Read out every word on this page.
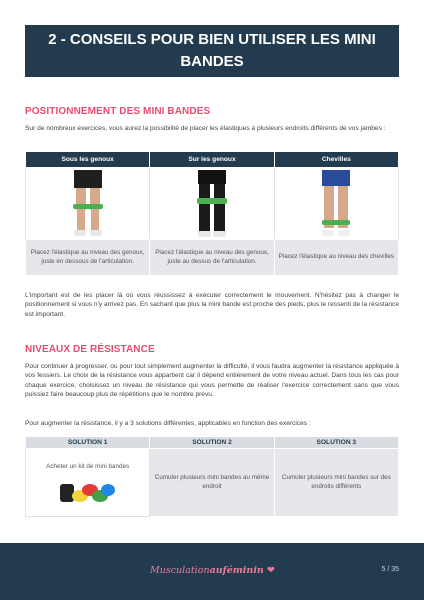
2 - CONSEILS POUR BIEN UTILISER LES MINI BANDES
POSITIONNEMENT DES MINI BANDES
Sur de nombreux exercices, vous aurez la possibilité de placer les élastiques à plusieurs endroits différents de vos jambes :
Sous les genoux	Sur les genoux	Chevilles

Placez l'élastique au niveau des genoux, juste en dessous de l'articulation.	Placez l'élastique au niveau des genoux, juste au dessus de l'articulation.	Placez l'élastique au niveau des chevilles
L'important est de les placer là où vous réussissez à exécuter correctement le mouvement. N'hésitez pas à changer le positionnement si vous n'y arrivez pas. En sachant que plus la mini bande est proche des pieds, plus le ressenti de la résistance est important.
NIVEAUX DE RÉSISTANCE
Pour continuer à progresser, ou pour tout simplement augmenter la difficulté, il vous faudra augmenter la résistance appliquée à vos fessiers. Le choix de la résistance vous appartient car il dépend entièrement de votre niveau actuel. Dans tous les cas pour chaque exercice, choisissez un niveau de résistance qui vous permette de réaliser l'exercice correctement sans que vous puissiez faire beaucoup plus de répétitions que le nombre prévu.
Pour augmenter la résistance, il y a 3 solutions différentes, applicables en fonction des exercices :
SOLUTION 1	SOLUTION 2	SOLUTION 3

Acheter un kit de mini bandes	Cumuler plusieurs mini bandes au même endroit	Cumuler plusieurs mini bandes sur des endroits différents
Musculationauféminin ❤	5 / 35
